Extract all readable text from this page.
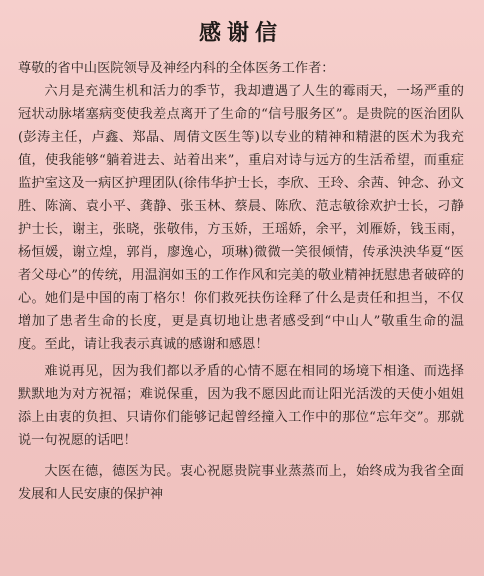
感谢信
尊敬的省中山医院领导及神经内科的全体医务工作者：

六月是充满生机和活力的季节，我却遭遇了人生的霉雨天，一场严重的冠状动脉堵塞病变使我差点离开了生命的“信号服务区”。是贵院的医治团队(彭涛主任，卢鑫、郑晶、周倩文医生等)以专业的精神和精湛的医术为我充值，使我能够“躺着进去、站着出来”，重启对诗与远方的生活希望，而重症监护室这及一病区护理团队(徐伟华护士长，李欣、王玲、余茜、钟念、孙文胜、陈滴、袁小平、龚静、张玉林、蔡晨、陈欣、范志敏徐欢护士长，刁静护士长，谢主，张晓，张敬伟，方玉娇，王瑶娇，余平，刘雁娇，钱玉雨，杨恒媛，谢立煌，郭肖，廖逸心，项琳)微微一笑很倾情，传承泱泱华夏“医者父母心”的传统，用温润如玉的工作作风和完美的敬业精神抚慰患者破碎的心。她们是中国的南丁格尔！你们救死扶伤诠释了什么是责任和担当，不仅增加了患者生命的长度，更是真切地让患者感受到“中山人”敬重生命的温度。至此，请让我表示真诚的感谢和感恩！

难说再见，因为我们都以矛盾的心情不愿在相同的场境下相逢、而选择默默地为对方祝福；难说保重，因为我不愿因此而让阳光活泼的天使小姐姐添上由衷的负担、只请你们能够记起曾经撞入工作中的那位“忘年交”。那就说一句祝愿的话吧！

大医在德，德医为民。衷心祝愿贵院事业蒸蒸而上，始终成为我省全面发展和人民安康的保护神
